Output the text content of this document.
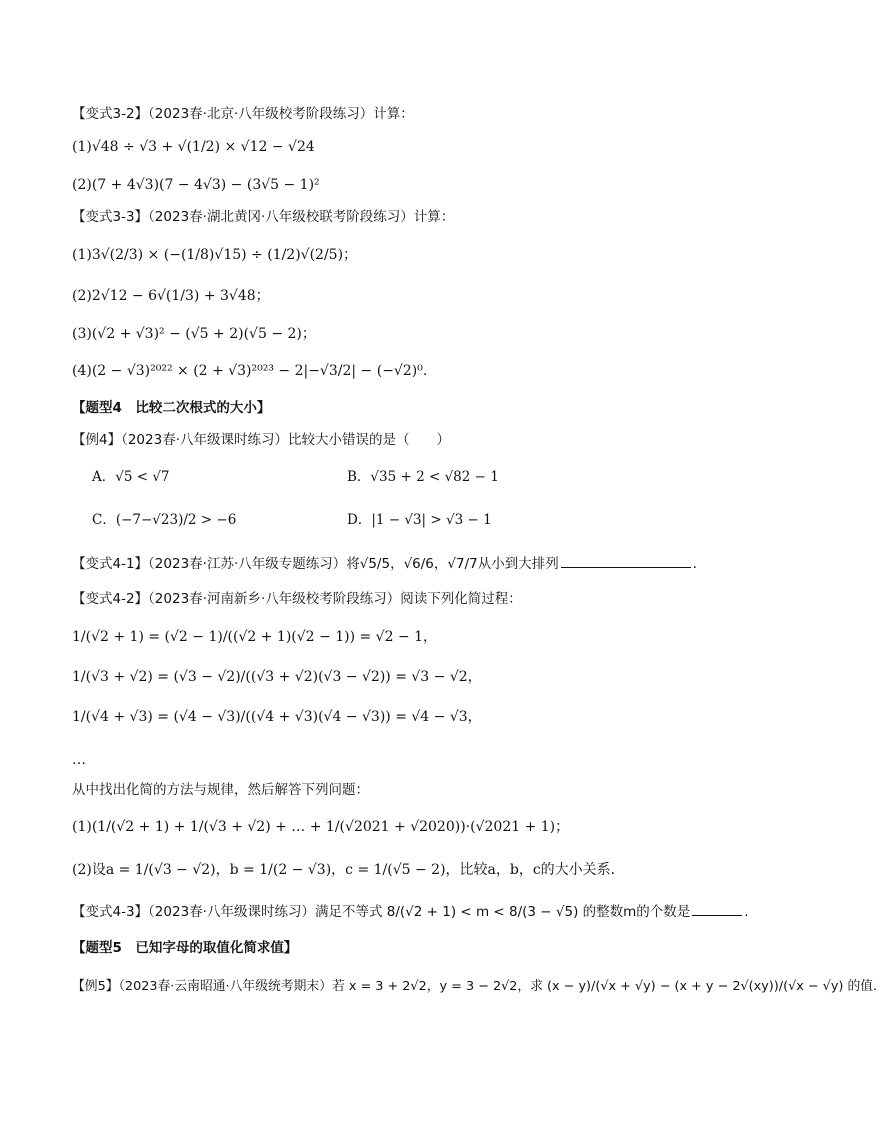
【变式3-2】（2023春·北京·八年级校考阶段练习）计算：
(1)√48 ÷ √3 + √(1/2) × √12 − √24
(2)(7 + 4√3)(7 − 4√3) − (3√5 − 1)²
【变式3-3】（2023春·湖北黄冈·八年级校联考阶段练习）计算：
(1)3√(2/3) × (−(1/8)√15) ÷ (1/2)√(2/5)；
(2)2√12 − 6√(1/3) + 3√48；
(3)(√2 + √3)² − (√5 + 2)(√5 − 2)；
(4)(2 − √3)²⁰²² × (2 + √3)²⁰²³ − 2|−√3/2| − (−√2)⁰.
【题型4　比较二次根式的大小】
【例4】（2023春·八年级课时练习）比较大小错误的是（　　）
A．√5 < √7	B．√35 + 2 < √82 − 1
C．(−7−√23)/2 > −6	D．|1 − √3| > √3 − 1
【变式4-1】（2023春·江苏·八年级专题练习）将√5/5，√6/6，√7/7从小到大排列	．
【变式4-2】（2023春·河南新乡·八年级校考阶段练习）阅读下列化简过程：
1/(√2 + 1) = (√2 − 1)/((√2 + 1)(√2 − 1)) = √2 − 1，
1/(√3 + √2) = (√3 − √2)/((√3 + √2)(√3 − √2)) = √3 − √2，
1/(√4 + √3) = (√4 − √3)/((√4 + √3)(√4 − √3)) = √4 − √3，
…
从中找出化简的方法与规律，然后解答下列问题：
(1)(1/(√2 + 1) + 1/(√3 + √2) + … + 1/(√2021 + √2020))·(√2021 + 1)；
(2)设a = 1/(√3 − √2)，b = 1/(2 − √3)，c = 1/(√5 − 2)，比较a，b，c的大小关系．
【变式4-3】（2023春·八年级课时练习）满足不等式 8/(√2 + 1) < m < 8/(3 − √5) 的整数m的个数是	．
【题型5　已知字母的取值化简求值】
【例5】（2023春·云南昭通·八年级统考期末）若 x = 3 + 2√2，y = 3 − 2√2，求 (x − y)/(√x + √y) − (x + y − 2√(xy))/(√x − √y) 的值．
